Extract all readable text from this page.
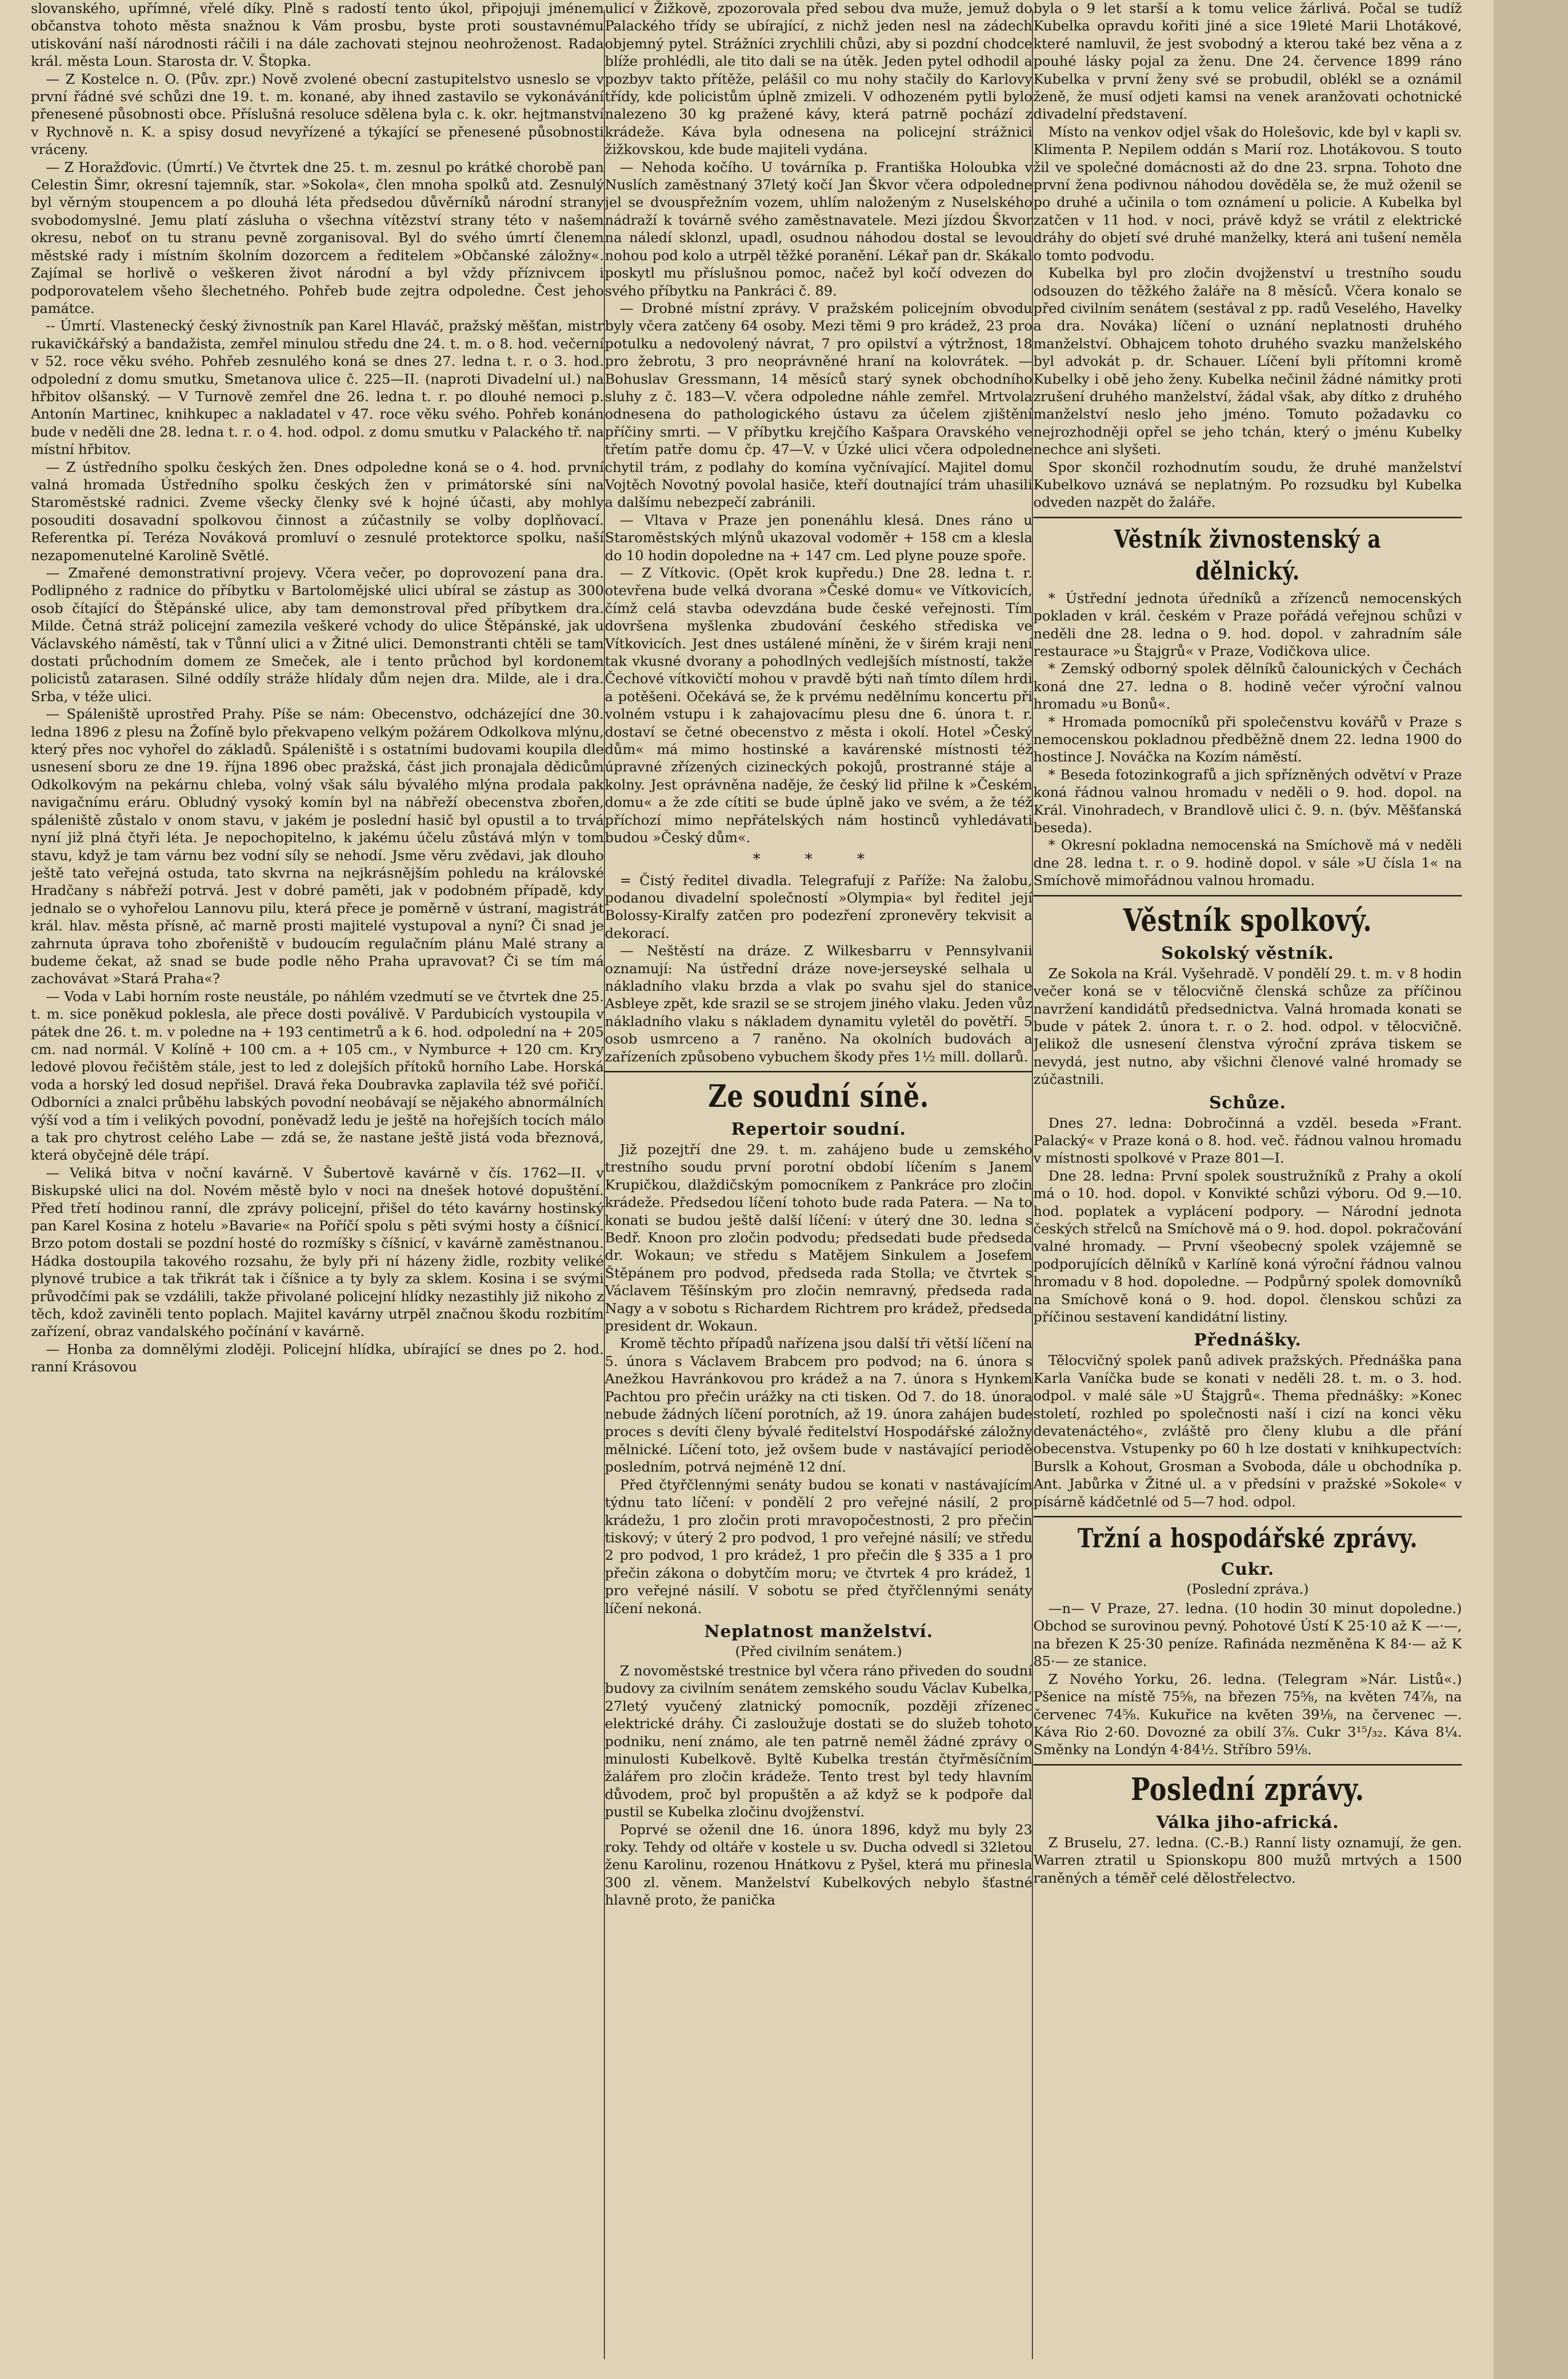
slovanského, upřímné, vřelé díky. Plně s radostí tento úkol, připojuji jménem občanstva tohoto města snažnou k Vám prosbu, byste proti soustavnému utiskování naší národnosti ráčili i na dále zachovati stejnou neohroženost. Rada král. města Loun. Starosta dr. V. Štopka.

— Z Kostelce n. O. (Pův. zpr.) Nově zvolené obecní zastupitelstvo usneslo se v první řádné své schůzi dne 19. t. m. konané, aby ihned zastavilo se vykonávání přenesené působnosti obce. Příslušná resoluce sdělena byla c. k. okr. hejtmanství v Rychnově n. K. a spisy dosud nevyřízené a týkající se přenesené působnosti vráceny.

— Z Horažďovic. (Úmrtí.) Ve čtvrtek dne 25. t. m. zesnul po krátké chorobě pan Celestin Šimr, okresní tajemník, star. »Sokola«, člen mnoha spolků atd. Zesnulý byl věrným stoupencem a po dlouhá léta předsedou důvěrníků národní strany svobodomyslné. Jemu platí zásluha o všechna vítězství strany této v našem okresu, neboť on tu stranu pevně zorganisoval. Byl do svého úmrtí členem městské rady i místním školním dozorcem a ředitelem »Občanské záložny«. Zajímal se horlivě o veškeren život národní a byl vždy příznivcem i podporovatelem všeho šlechetného. Pohřeb bude zejtra odpoledne. Čest jeho památce.

-- Úmrtí. Vlastenecký český živnostník pan Karel Hlaváč, pražský měšťan, mistr rukavičkářský a bandažista, zemřel minulou středu dne 24. t. m. o 8. hod. večerní v 52. roce věku svého. Pohřeb zesnulého koná se dnes 27. ledna t. r. o 3. hod. odpolední z domu smutku, Smetanova ulice č. 225—II. (naproti Divadelní ul.) na hřbitov olšanský. — V Turnově zemřel dne 26. ledna t. r. po dlouhé nemoci p. Antonín Martinec, knihkupec a nakladatel v 47. roce věku svého. Pohřeb konán bude v neděli dne 28. ledna t. r. o 4. hod. odpol. z domu smutku v Palackého tř. na místní hřbitov.

— Z ústředního spolku českých žen. Dnes odpoledne koná se o 4. hod. první valná hromada Ústředního spolku českých žen v primátorské síni na Staroměstské radnici. Zveme všecky členky své k hojné účasti, aby mohly posouditi dosavadní spolkovou činnost a zúčastnily se volby doplňovací. Referentka pí. Teréza Nováková promluví o zesnulé protektorce spolku, naší nezapomenutelné Karolině Světlé.

— Zmařené demonstrativní projevy. Včera večer, po doprovození pana dra. Podlipného z radnice do příbytku v Bartolomějské ulici ubíral se zástup as 300 osob čítající do Štěpánské ulice, aby tam demonstroval před příbytkem dra. Milde. Četná stráž policejní zamezila veškeré vchody do ulice Štěpánské, jak u Václavského náměstí, tak v Tůnní ulici a v Žitné ulici. Demonstranti chtěli se tam dostati průchodním domem ze Smeček, ale i tento průchod byl kordonem policistů zatarasen. Silné oddíly stráže hlídaly dům nejen dra. Milde, ale i dra. Srba, v téže ulici.

— Spáleniště uprostřed Prahy. Píše se nám: Obecenstvo, odcházející dne 30. ledna 1896 z plesu na Žofíně bylo překvapeno velkým požárem Odkolkova mlýnu, který přes noc vyhořel do základů. Spáleniště i s ostatními budovami koupila dle usnesení sboru ze dne 19. října 1896 obec pražská, část jich pronajala dědicům Odkolkovým na pekárnu chleba, volný však sálu bývalého mlýna prodala pak navigačnímu eráru. Obludný vysoký komín byl na nábřeží obecenstva zbořen, spáleniště zůstalo v onom stavu, v jakém je poslední hasič byl opustil a to trvá nyní již plná čtyři léta. Je nepochopitelno, k jakému účelu zůstává mlýn v tom stavu, když je tam várnu bez vodní síly se nehodí. Jsme věru zvědavi, jak dlouho ještě tato veřejná ostuda, tato skvrna na nejkrásnějším pohledu na královské Hradčany s nábřeží potrvá. Jest v dobré paměti, jak v podobném případě, kdy jednalo se o vyhořelou Lannovu pilu, která přece je poměrně v ústraní, magistrát král. hlav. města přísně, ač marně prosti majitelé vystupoval a nyní? Či snad je zahrnuta úprava toho zbořeniště v budoucím regulačním plánu Malé strany a budeme čekat, až snad se bude podle něho Praha upravovat? Či se tím má zachovávat »Stará Praha«?

— Voda v Labi horním roste neustále, po náhlém vzedmutí se ve čtvrtek dne 25. t. m. sice poněkud poklesla, ale přece dosti poválivě. V Pardubicích vystoupila v pátek dne 26. t. m. v poledne na + 193 centimetrů a k 6. hod. odpolední na + 205 cm. nad normál. V Kolíně + 100 cm. a + 105 cm., v Nymburce + 120 cm. Kry ledové plovou řečištěm stále, jest to led z dolejších přítoků horního Labe. Horská voda a horský led dosud nepřišel. Dravá řeka Doubravka zaplavila též své pořičí. Odborníci a znalci průběhu labských povodní neobávají se nějakého abnormálních výší vod a tím i velikých povodní, poněvadž ledu je ještě na hořejších tocích málo a tak pro chytrost celého Labe — zdá se, že nastane ještě jistá voda březnová, která obyčejně déle trápí.

— Veliká bitva v noční kavárně. V Šubertově kavárně v čís. 1762—II. v Biskupské ulici na dol. Novém městě bylo v noci na dnešek hotové dopuštění. Před třetí hodinou ranní, dle zprávy policejní, přišel do této kavárny hostinský pan Karel Kosina z hotelu »Bavarie« na Poříčí spolu s pěti svými hosty a číšnicí. Brzo potom dostali se pozdní hosté do rozmíšky s číšnicí, v kavárně zaměstnanou. Hádka dostoupila takového rozsahu, že byly při ní házeny židle, rozbity veliké plynové trubice a tak třikrát tak i číšnice a ty byly za sklem. Kosina i se svými průvodčími pak se vzdálili, takže přivolané policejní hlídky nezastihly již nikoho z těch, kdož zaviněli tento poplach. Majitel kavárny utrpěl značnou škodu rozbitím zařízení, obraz vandalského počínání v kavárně.

— Honba za domnělými zloději. Policejní hlídka, ubírající se dnes po 2. hod. ranní Krásovou

ulicí v Žižkově, zpozorovala před sebou dva muže, jemuž do Palackého třídy se ubírající, z nichž jeden nesl na zádech objemný pytel. Strážníci zrychlili chůzi, aby si pozdní chodce blíže prohlédli, ale tito dali se na útěk. Jeden pytel odhodil a pozbyv takto přítěže, pelášil co mu nohy stačily do Karlovy třídy, kde policistům úplně zmizeli. V odhozeném pytli bylo nalezeno 30 kg pražené kávy, která patrně pochází z krádeže. Káva byla odnesena na policejní strážnici žižkovskou, kde bude majiteli vydána.

— Nehoda kočího. U továrníka p. Františka Holoubka v Nuslích zaměstnaný 37letý kočí Jan Škvor včera odpoledne jel se dvouspřežním vozem, uhlím naloženým z Nuselského nádraží k továrně svého zaměstnavatele. Mezi jízdou Škvor na náledí sklonzl, upadl, osudnou náhodou dostal se levou nohou pod kolo a utrpěl těžké poranění. Lékař pan dr. Skákal poskytl mu příslušnou pomoc, načež byl kočí odvezen do svého příbytku na Pankráci č. 89.

— Drobné místní zprávy. V pražském policejním obvodu byly včera zatčeny 64 osoby. Mezi těmi 9 pro krádež, 23 pro potulku a nedovolený návrat, 7 pro opilství a výtržnost, 18 pro žebrotu, 3 pro neoprávněné hraní na kolovrátek. — Bohuslav Gressmann, 14 měsíců starý synek obchodního sluhy z č. 183—V. včera odpoledne náhle zemřel. Mrtvola odnesena do pathologického ústavu za účelem zjištění příčiny smrti. — V příbytku krejčího Kašpara Oravského ve třetím patře domu čp. 47—V. v Úzké ulici včera odpoledne chytil trám, z podlahy do komína vyčnívající. Majitel domu Vojtěch Novotný povolal hasiče, kteří doutnající trám uhasili a dalšímu nebezpečí zabránili.

— Vltava v Praze jen ponenáhlu klesá. Dnes ráno u Staroměstských mlýnů ukazoval vodoměr + 158 cm a klesla do 10 hodin dopoledne na + 147 cm. Led plyne pouze spoře.

— Z Vítkovic. (Opět krok kupředu.) Dne 28. ledna t. r. otevřena bude velká dvorana »České domu« ve Vítkovicích, čímž celá stavba odevzdána bude české veřejnosti. Tím dovršena myšlenka zbudování českého střediska ve Vítkovicích. Jest dnes ustálené míněni, že v širém kraji není tak vkusné dvorany a pohodlných vedlejších místností, takže Čechové vítkovičtí mohou v pravdě býti naň tímto dílem hrdi a potěšeni. Očekává se, že k prvému nedělnímu koncertu při volném vstupu i k zahajovacímu plesu dne 6. února t. r. dostaví se četné obecenstvo z města i okolí. Hotel »Český dům« má mimo hostinské a kavárenské místnosti též úpravné zřízených cizineckých pokojů, prostranné stáje a kolny. Jest oprávněna naděje, že český lid přilne k »Českém domu« a že zde cítiti se bude úplně jako ve svém, a že též příchozí mimo nepřátelských nám hostinců vyhledávati budou »Český dům«.

* * *

= Čistý ředitel divadla. Telegrafují z Paříže: Na žalobu, podanou divadelní společností »Olympia« byl ředitel její Bolossy-Kiralfy zatčen pro podezření zpronevěry tekvisit a dekorací.

— Neštěstí na dráze. Z Wilkesbarru v Pennsylvanii oznamují: Na ústřední dráze nove-jerseyské selhala u nákladního vlaku brzda a vlak po svahu sjel do stanice Asbleye zpět, kde srazil se se strojem jiného vlaku. Jeden vůz nákladního vlaku s nákladem dynamitu vyletěl do povětří. 5 osob usmrceno a 7 raněno. Na okolních budovách a zařízeních způsobeno vybuchem škody přes 1½ mill. dollarů.

Ze soudní síně.
Repertoir soudní.

Již pozejtří dne 29. t. m. zahájeno bude u zemského trestního soudu první porotní období líčením s Janem Krupičkou, dlaždičským pomocníkem z Pankráce pro zločin krádeže. Předsedou líčení tohoto bude rada Patera. — Na to konati se budou ještě další líčení: v úterý dne 30. ledna s Bedř. Knoon pro zločin podvodu; předsedati bude předseda dr. Wokaun; ve středu s Matějem Sinkulem a Josefem Štěpánem pro podvod, předseda rada Stolla; ve čtvrtek s Václavem Těšínským pro zločin nemravný, předseda rada Nagy a v sobotu s Richardem Richtrem pro krádež, předseda president dr. Wokaun.

Kromě těchto případů nařízena jsou další tři větší líčení na 5. února s Václavem Brabcem pro podvod; na 6. února s Anežkou Havránkovou pro krádež a na 7. února s Hynkem Pachtou pro přečin urážky na cti tisken. Od 7. do 18. února nebude žádných líčení porotních, až 19. února zahájen bude proces s devíti členy bývalé ředitelství Hospodářské záložny mělnické. Líčení toto, jež ovšem bude v nastávající periodě posledním, potrvá nejméně 12 dní.

Před čtyřčlennými senáty budou se konati v nastávajícím týdnu tato líčení: v pondělí 2 pro veřejné násilí, 2 pro krádežu, 1 pro zločin proti mravopočestnosti, 2 pro přečin tiskový; v úterý 2 pro podvod, 1 pro veřejné násilí; ve středu 2 pro podvod, 1 pro krádež, 1 pro přečin dle § 335 a 1 pro přečin zákona o dobytčím moru; ve čtvrtek 4 pro krádež, 1 pro veřejné násilí. V sobotu se před čtyřčlennými senáty líčení nekoná.

Neplatnost manželství.
(Před civilním senátem.)

Z novoměstské trestnice byl včera ráno přiveden do soudní budovy za civilním senátem zemského soudu Václav Kubelka, 27letý vyučený zlatnický pomocník, později zřízenec elektrické dráhy. Či zasloužuje dostati se do služeb tohoto podniku, není známo, ale ten patrně neměl žádné zprávy o minulosti Kubelkově. Byltě Kubelka trestán čtyřměsíčním žalářem pro zločin krádeže. Tento trest byl tedy hlavním důvodem, proč byl propuštěn a až když se k podpoře dal pustil se Kubelka zločinu dvojženství.

Poprvé se oženil dne 16. února 1896, když mu byly 23 roky. Tehdy od oltáře v kostele u sv. Ducha odvedl si 32letou ženu Karolinu, rozenou Hnátkovu z Pyšel, která mu přinesla 300 zl. věnem. Manželství Kubelkových nebylo šťastné hlavně proto, že panička

byla o 9 let starší a k tomu velice žárlivá. Počal se tudíž Kubelka opravdu kořiti jiné a sice 19leté Marii Lhotákové, které namluvil, že jest svobodný a kterou také bez věna a z pouhé lásky pojal za ženu. Dne 24. července 1899 ráno Kubelka v první ženy své se probudil, oblékl se a oznámil ženě, že musí odjeti kamsi na venek aranžovati ochotnické divadelní představení.

Místo na venkov odjel však do Holešovic, kde byl v kapli sv. Klimenta P. Nepilem oddán s Marií roz. Lhotákovou. S touto žil ve společné domácnosti až do dne 23. srpna. Tohoto dne první žena podivnou náhodou dověděla se, že muž oženil se po druhé a učinila o tom oznámení u policie. A Kubelka byl zatčen v 11 hod. v noci, právě když se vrátil z elektrické dráhy do objetí své druhé manželky, která ani tušení neměla o tomto podvodu.

Kubelka byl pro zločin dvojženství u trestního soudu odsouzen do těžkého žaláře na 8 měsíců. Včera konalo se před civilním senátem (sestával z pp. radů Veselého, Havelky a dra. Nováka) líčení o uznání neplatnosti druhého manželství. Obhajcem tohoto druhého svazku manželského byl advokát p. dr. Schauer. Líčení byli přítomni kromě Kubelky i obě jeho ženy. Kubelka nečinil žádné námitky proti zrušení druhého manželství, žádal však, aby dítko z druhého manželství neslo jeho jméno. Tomuto požadavku co nejrozhodněji opřel se jeho tchán, který o jménu Kubelky nechce ani slyšeti.

Spor skončil rozhodnutím soudu, že druhé manželství Kubelkovo uznává se neplatným. Po rozsudku byl Kubelka odveden nazpět do žaláře.

Věstník živnostenský a dělnický.

* Ústřední jednota úředníků a zřízenců nemocenských pokladen v král. českém v Praze pořádá veřejnou schůzi v neděli dne 28. ledna o 9. hod. dopol. v zahradním sále restaurace »u Štajgrů« v Praze, Vodičkova ulice.

* Zemský odborný spolek dělníků čalounických v Čechách koná dne 27. ledna o 8. hodině večer výroční valnou hromadu »u Bonů«.

* Hromada pomocníků při společenstvu kovářů v Praze s nemocenskou pokladnou předběžně dnem 22. ledna 1900 do hostince J. Nováčka na Kozím náměstí.

* Beseda fotozinkografů a jich spřízněných odvětví v Praze koná řádnou valnou hromadu v neděli o 9. hod. dopol. na Král. Vinohradech, v Brandlově ulici č. 9. n. (býv. Měšťanská beseda).

* Okresní pokladna nemocenská na Smíchově má v neděli dne 28. ledna t. r. o 9. hodině dopol. v sále »U čísla 1« na Smíchově mimořádnou valnou hromadu.

Věstník spolkový.
Sokolský věstník.

Ze Sokola na Král. Vyšehradě. V pondělí 29. t. m. v 8 hodin večer koná se v tělocvičně členská schůze za příčinou navržení kandidátů předsednictva. Valná hromada konati se bude v pátek 2. února t. r. o 2. hod. odpol. v tělocvičně. Jelikož dle usnesení členstva výroční zpráva tiskem se nevydá, jest nutno, aby všichni členové valné hromady se zúčastnili.

Schůze.

Dnes 27. ledna: Dobročinná a vzděl. beseda »Frant. Palacký« v Praze koná o 8. hod. več. řádnou valnou hromadu v místnosti spolkové v Praze 801—I.

Dne 28. ledna: První spolek soustružníků z Prahy a okolí má o 10. hod. dopol. v Konvikté schůzi výboru. Od 9.—10. hod. poplatek a vyplácení podpory. — Národní jednota českých střelců na Smíchově má o 9. hod. dopol. pokračování valné hromady. — První všeobecný spolek vzájemně se podporujících dělníků v Karlíně koná výroční řádnou valnou hromadu v 8 hod. dopoledne. — Podpůrný spolek domovníků na Smíchově koná o 9. hod. dopol. členskou schůzi za příčinou sestavení kandidátní listiny.

Přednášky.

Tělocvičný spolek panů adivek pražských. Přednáška pana Karla Vaníčka bude se konati v neděli 28. t. m. o 3. hod. odpol. v malé sále »U Štajgrů«. Thema přednášky: »Konec století, rozhled po společnosti naší i cizí na konci věku devatenáctého«, zvláště pro členy klubu a dle přání obecenstva. Vstupenky po 60 h lze dostati v knihkupectvích: Burslk a Kohout, Grosman a Svoboda, dále u obchodníka p. Ant. Jabůrka v Žitné ul. a v předsíni v pražské »Sokole« v písárně kádčetnlé od 5—7 hod. odpol.

Tržní a hospodářské zprávy.
Cukr.
(Poslední zpráva.)

—n— V Praze, 27. ledna. (10 hodin 30 minut dopoledne.) Obchod se surovinou pevný. Pohotové Ústí K 25·10 až K —·—, na březen K 25·30 peníze. Rafináda nezměněna K 84·— až K 85·— ze stanice.

Z Nového Yorku, 26. ledna. (Telegram »Nár. Listů«.) Pšenice na místě 75⅝, na březen 75⅝, na květen 74⅞, na červenec 74⅝. Kukuřice na květen 39⅛, na červenec —. Káva Rio 2·60. Dovozné za obilí 3⅞. Cukr 3¹⁵/₃₂. Káva 8¼. Směnky na Londýn 4·84½. Stříbro 59⅛.

Poslední zprávy.
Válka jiho-africká.

Z Bruselu, 27. ledna. (C.-B.) Ranní listy oznamují, že gen. Warren ztratil u Spionskopu 800 mužů mrtvých a 1500 raněných a téměř celé dělostřelectvo.
